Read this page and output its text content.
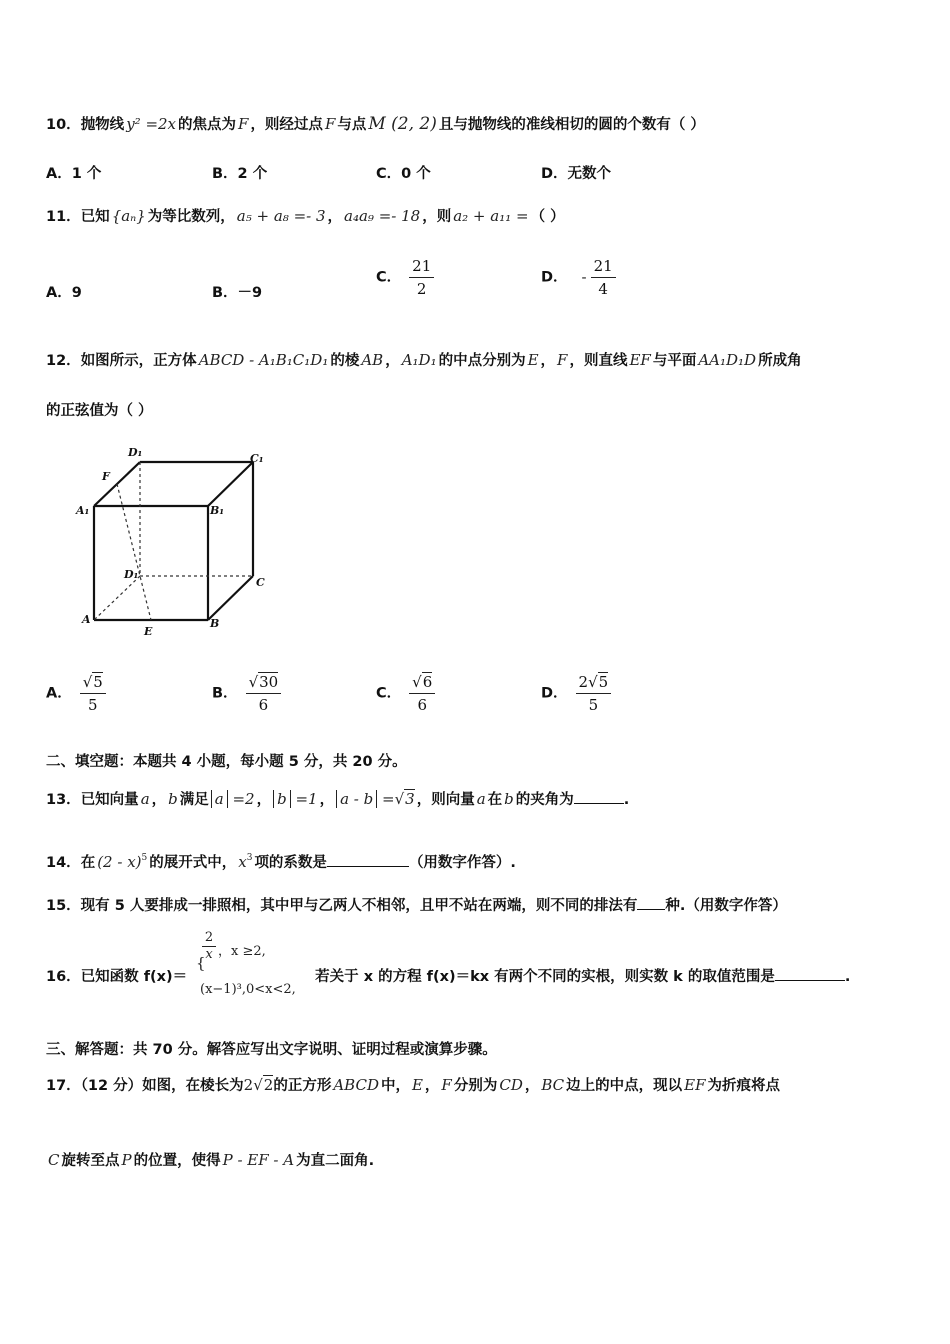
10．抛物线 y² =2x 的焦点为 F ，则经过点 F 与点 M (2, 2) 且与抛物线的准线相切的圆的个数有（ ）
A．1 个	B．2 个	C．0 个	D．无数个
11．已知 {aₙ} 为等比数列， a₅ + a₈ =- 3 ， a₄a₉ =- 18 ，则 a₂ + a₁₁ = （ ）
A．9	B．－9
C． $\frac{21}{2}$	D． - $\frac{21}{4}$
12．如图所示，正方体 ABCD - A₁B₁C₁D₁ 的棱 AB ， A₁D₁ 的中点分别为 E ， F ，则直线 EF 与平面 AA₁D₁D 所成角
的正弦值为（ ）
D₁	C₁
F
A₁	B₁
D₁
C
A	B
E
A． $\frac{√5}{5}$	B． $\frac{√30}{6}$	C． $\frac{√6}{6}$	D． $\frac{2√5}{5}$
二、填空题：本题共 4 小题，每小题 5 分，共 20 分。
13．已知向量 a ， b 满足 a =2 ， b =1 ， a - b =√3 ，则向量 a 在 b 的夹角为	.
14．在 (2 - x)$^5$ 的展开式中， $x^3$ 项的系数是	（用数字作答）.
15．现有 5 人要排成一排照相，其中甲与乙两人不相邻，且甲不站在两端，则不同的排法有 种.（用数字作答）
16．已知函数 f(x)＝	若关于 x 的方程 f(x)＝kx 有两个不同的实根，则实数 k 的取值范围是	.
2
x ，x ≥2,
{
(x−1)³,0<x<2,
三、解答题：共 70 分。解答应写出文字说明、证明过程或演算步骤。
17．（12 分）如图，在棱长为2√2的正方形 ABCD 中， E ， F 分别为 CD ， BC 边上的中点，现以 EF 为折痕将点
C 旋转至点 P 的位置，使得 P - EF - A 为直二面角.
